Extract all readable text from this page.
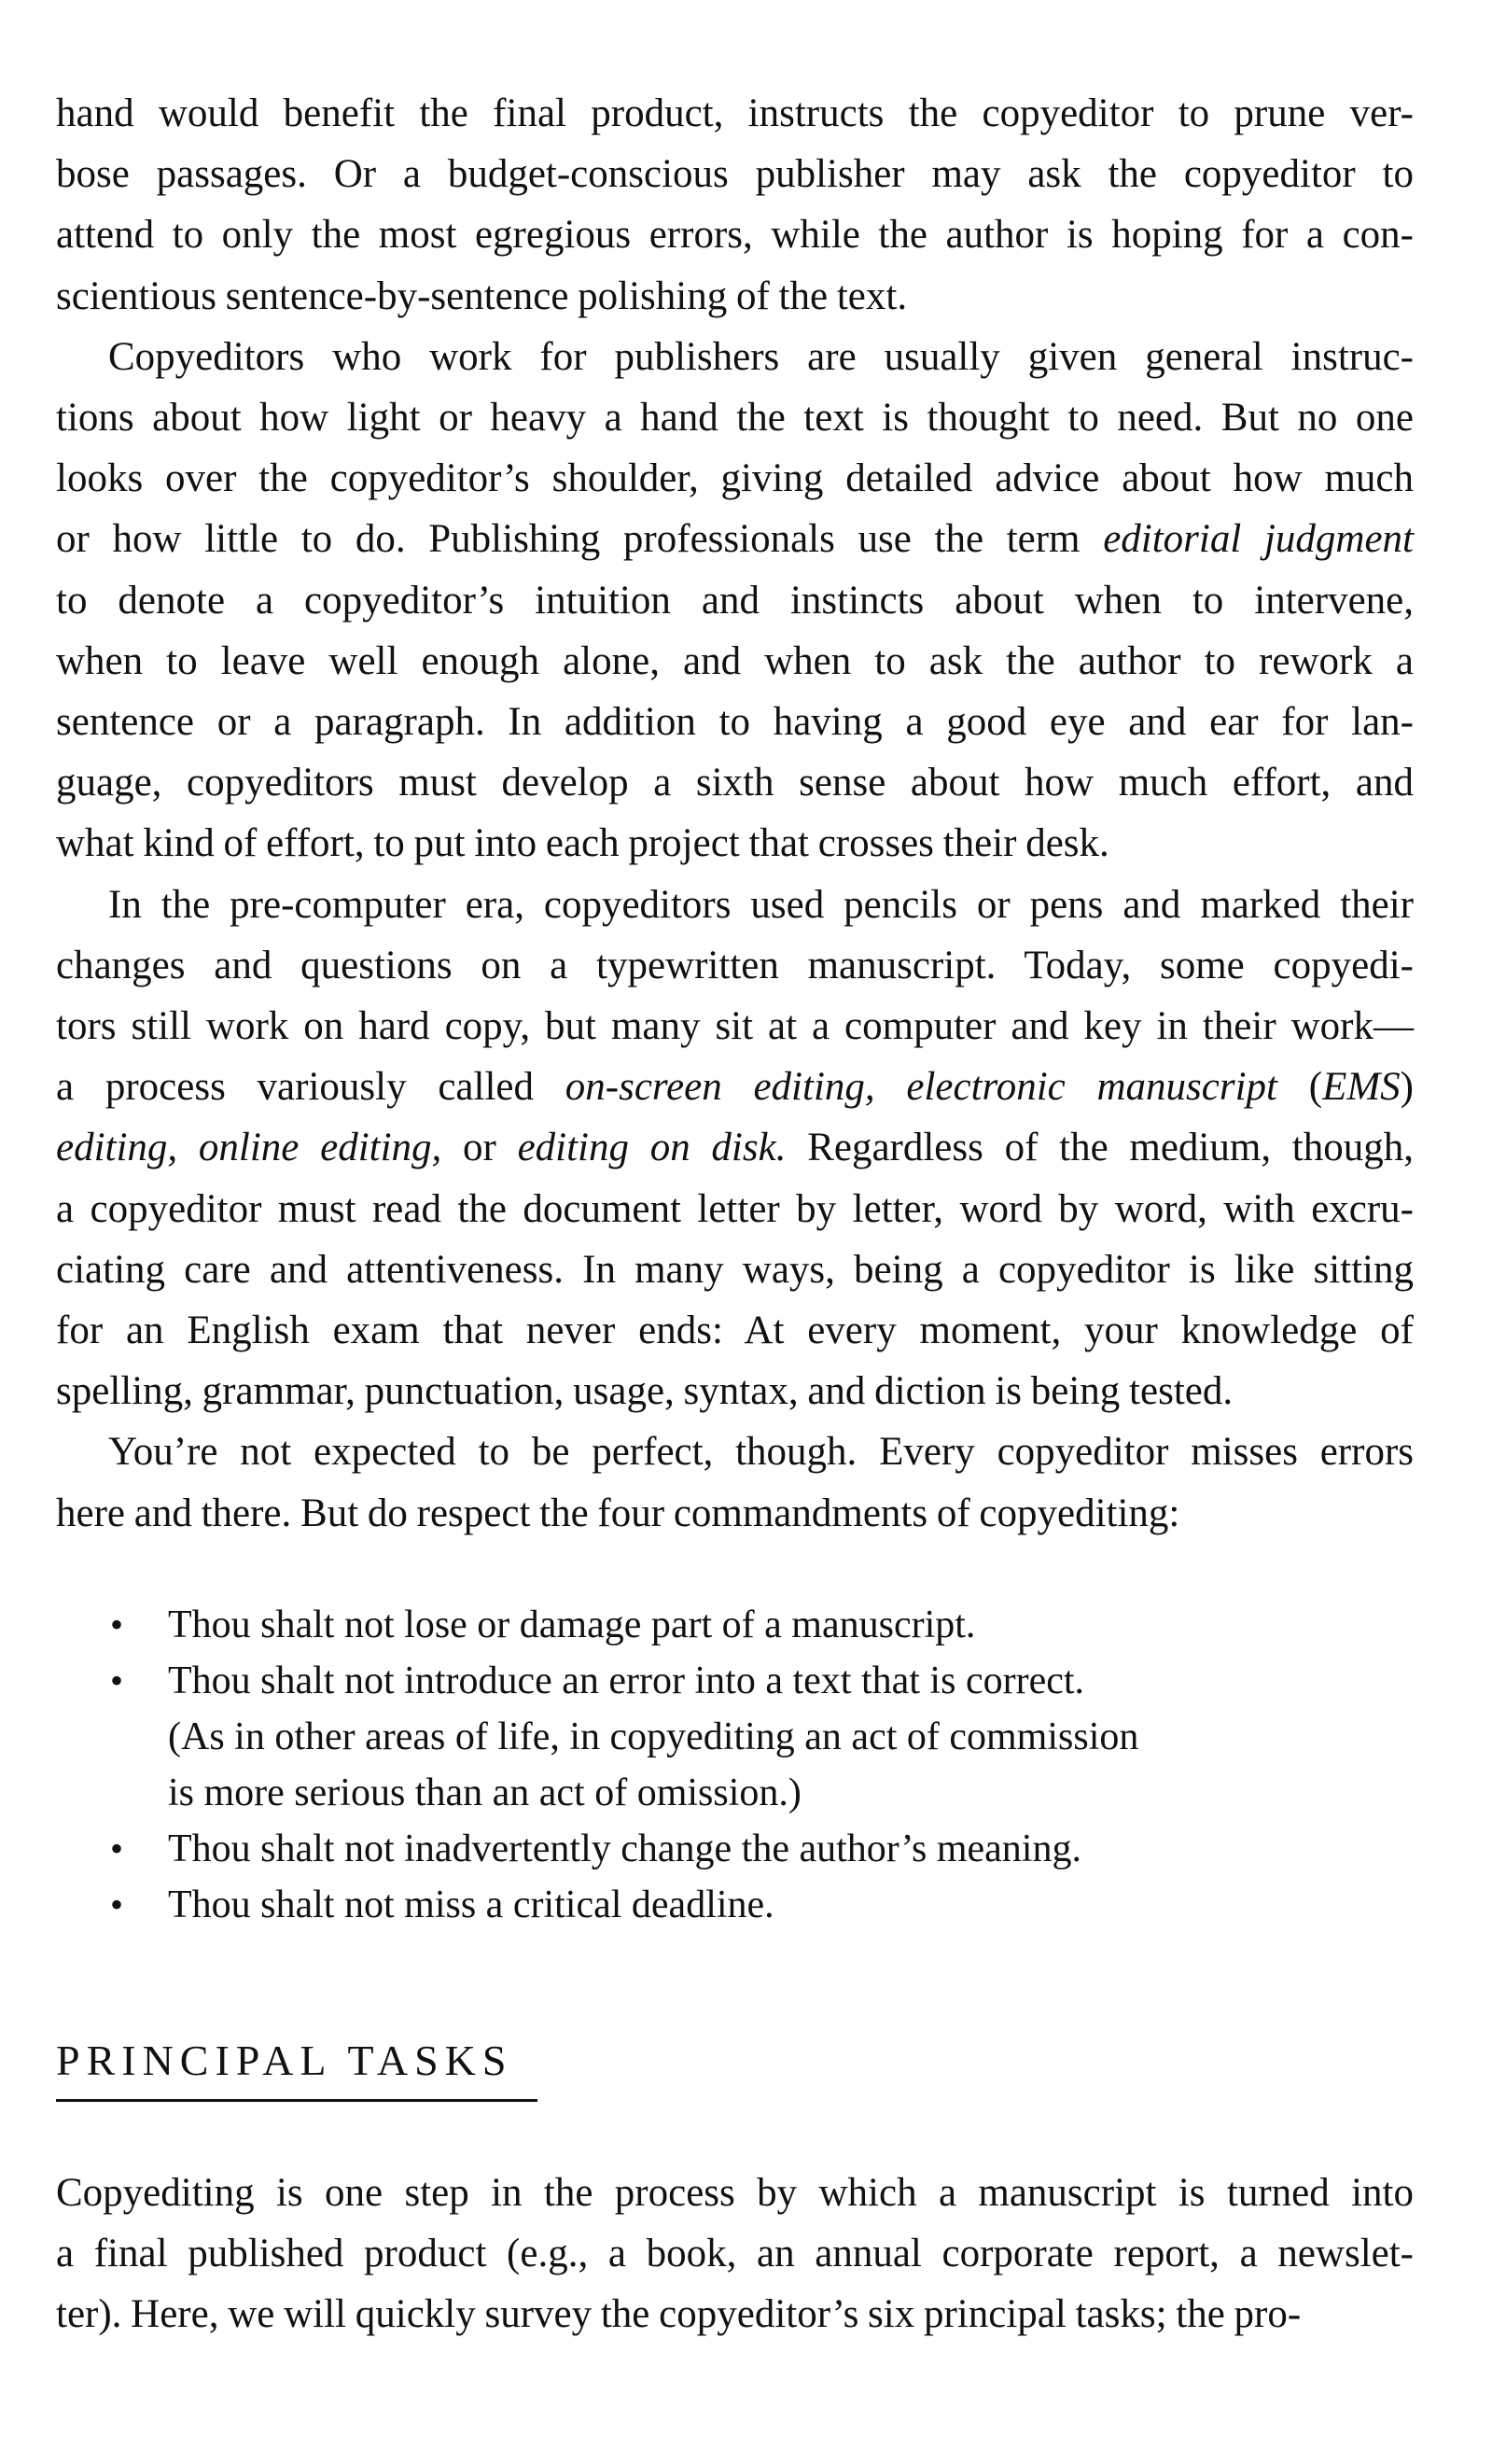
hand would benefit the final product, instructs the copyeditor to prune ver-
bose passages. Or a budget-conscious publisher may ask the copyeditor to
attend to only the most egregious errors, while the author is hoping for a con-
scientious sentence-by-sentence polishing of the text.
Copyeditors who work for publishers are usually given general instruc-
tions about how light or heavy a hand the text is thought to need. But no one
looks over the copyeditor’s shoulder, giving detailed advice about how much
or how little to do. Publishing professionals use the term editorial judgment
to denote a copyeditor’s intuition and instincts about when to intervene,
when to leave well enough alone, and when to ask the author to rework a
sentence or a paragraph. In addition to having a good eye and ear for lan-
guage, copyeditors must develop a sixth sense about how much effort, and
what kind of effort, to put into each project that crosses their desk.
In the pre-computer era, copyeditors used pencils or pens and marked their
changes and questions on a typewritten manuscript. Today, some copyedi-
tors still work on hard copy, but many sit at a computer and key in their work—
a process variously called on-screen editing, electronic manuscript (EMS)
editing, online editing, or editing on disk. Regardless of the medium, though,
a copyeditor must read the document letter by letter, word by word, with excru-
ciating care and attentiveness. In many ways, being a copyeditor is like sitting
for an English exam that never ends: At every moment, your knowledge of
spelling, grammar, punctuation, usage, syntax, and diction is being tested.
You’re not expected to be perfect, though. Every copyeditor misses errors
here and there. But do respect the four commandments of copyediting:
• Thou shalt not lose or damage part of a manuscript.
• Thou shalt not introduce an error into a text that is correct.
(As in other areas of life, in copyediting an act of commission
is more serious than an act of omission.)
• Thou shalt not inadvertently change the author’s meaning.
• Thou shalt not miss a critical deadline.
PRINCIPAL TASKS
Copyediting is one step in the process by which a manuscript is turned into
a final published product (e.g., a book, an annual corporate report, a newslet-
ter). Here, we will quickly survey the copyeditor’s six principal tasks; the pro-
